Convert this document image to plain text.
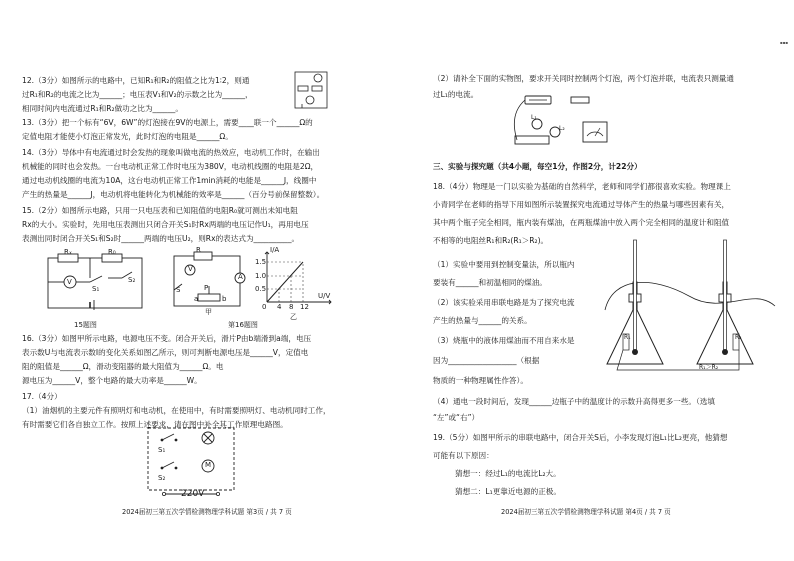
12.（3分）如图所示的电路中，已知R₁和R₂的阻值之比为1∶2，则通
过R₁和R₂的电流之比为______；电压表V₁和V₂的示数之比为______，
相同时间内电流通过R₁和R₂做功之比为______。
13.（3分）把一个标有“6V，6W”的灯泡接在9V的电源上，需要____联一个______Ω的
定值电阻才能使小灯泡正常发光，此时灯泡的电阻是______Ω。
14.（3分）导体中有电流通过时会发热的现象叫做电流的热效应，电动机工作时，在输出
机械能的同时也会发热。一台电动机正常工作时电压为380V，电动机线圈的电阻是2Ω，
通过电动机线圈的电流为10A，这台电动机正常工作1min消耗的电能是______J，线圈中
产生的热量是______J，电动机将电能转化为机械能的效率是______（百分号前保留整数）。
15.（2分）如图所示电路，只用一只电压表和已知阻值的电阻R₀就可测出未知电阻
Rx的大小。实验时，先用电压表测出只闭合开关S₁时Rx两端的电压记作U₁，再用电压
表测出同时闭合开关S₁和S₂时______两端的电压U₂，则Rx的表达式为__________。
Rₓ	R₀
V
S₁
S₂
15题图
R
V
A
P
a	b
S
甲
I/A
1.5
1.0
0.5
0 4 8 12
U/V
乙
第16题图
16.（3分）如图甲所示电路，电源电压不变。闭合开关后，滑片P由b端滑到a端，电压
表示数U与电流表示数I的变化关系如图乙所示，则可判断电源电压是______V，定值电
阻的阻值是______Ω，滑动变阻器的最大阻值为______Ω。电
源电压为______V，整个电路的最大功率是______W。
17.（4分）
（1）油烟机的主要元件有照明灯和电动机，在使用中，有时需要照明灯、电动机同时工作，
有时需要它们各自独立工作。按照上述要求，请在图中补全其工作原理电路图。
S₁
S₂
M
220V
2024届初三第五次学情检测物理学科试题 第3页 / 共 7 页
▪▪▪
（2）请补全下面的实物图，要求开关同时控制两个灯泡，两个灯泡并联，电流表只测量通
过L₁的电流。
L₁
L₂
三、实验与探究题（共4小题，每空1分，作图2分，计22分）
18.（4分）物理是一门以实验为基础的自然科学，老师和同学们都很喜欢实验。物理课上
小青同学在老师的指导下用如图所示装置探究电流通过导体产生的热量与哪些因素有关，
其中两个瓶子完全相同，瓶内装有煤油，在两瓶煤油中放入两个完全相同的温度计和阻值
不相等的电阻丝R₁和R₂(R₁＞R₂)。
（1）实验中要用到控制变量法，所以瓶内
要装有______和初温相同的煤油。
（2）该实验采用串联电路是为了探究电流
产生的热量与______的关系。
（3）烧瓶中的液体用煤油而不用自来水是
因为__________________（根据
物质的一种物理属性作答）。
（4）通电一段时间后，发现______边瓶子中的温度计的示数升高得更多一些。（选填
“左”或“右”）
R₁	R₂
R₁＞R₂
19.（5分）如图甲所示的串联电路中，闭合开关S后，小李发现灯泡L₁比L₂更亮，他猜想
可能有以下原因：
猜想一：经过L₁的电流比L₂大。
猜想二：L₁更靠近电源的正极。
2024届初三第五次学情检测物理学科试题 第4页 / 共 7 页
